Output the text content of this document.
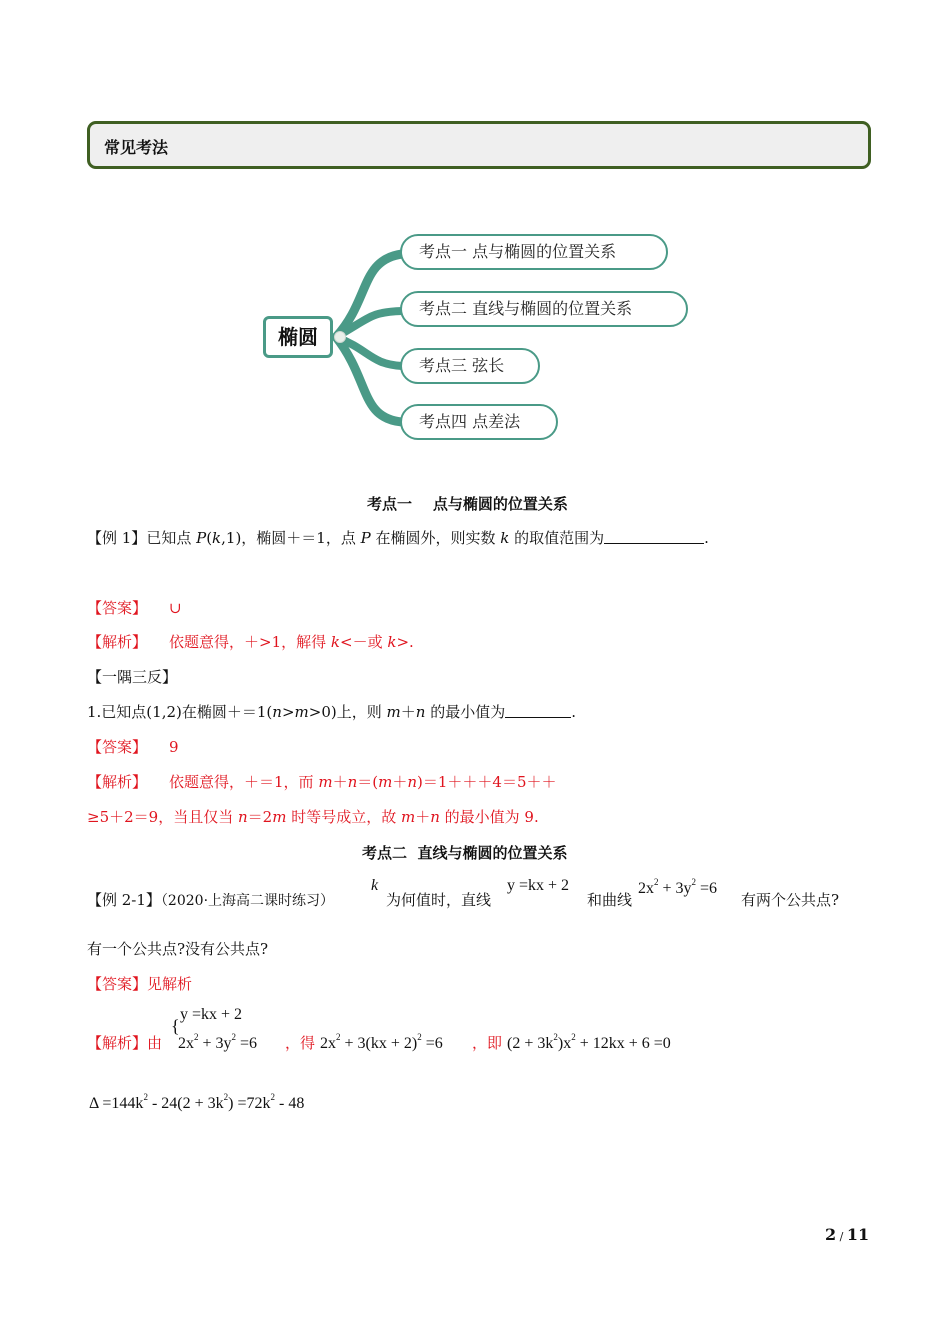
常见考法
椭圆
考点一 点与椭圆的位置关系
考点二 直线与椭圆的位置关系
考点三 弦长
考点四 点差法
考点一    点与椭圆的位置关系
【例 1】已知点 P(k,1)，椭圆＋＝1，点 P 在椭圆外，则实数 k 的取值范围为	.
【答案】 ∪
【解析】 依题意得，＋>1，解得 k<－或 k>.
【一隅三反】
1.已知点(1,2)在椭圆＋＝1(n>m>0)上，则 m＋n 的最小值为	.
【答案】 9
【解析】 依题意得，＋＝1，而 m＋n＝(m＋n)＝1＋＋＋4＝5＋＋
≥5＋2＝9，当且仅当 n＝2m 时等号成立，故 m＋n 的最小值为 9.
考点二  直线与椭圆的位置关系
【例 2-1】（2020·上海高二课时练习）
k
为何值时，直线
y =kx + 2
和曲线
$2x^2 + 3y^2 =6$
有两个公共点?
有一个公共点?没有公共点?
【答案】见解析
【解析】由
{
y =kx + 2
$2x^2 + 3y^2 =6$ ，得 $2x^2 + 3(kx + 2)^2 =6$ ，即 $(2 + 3k^2)x^2 + 12kx + 6 =0$
$\Delta =144k^2 - 24(2 + 3k^2) =72k^2 - 48$
2 / 11
